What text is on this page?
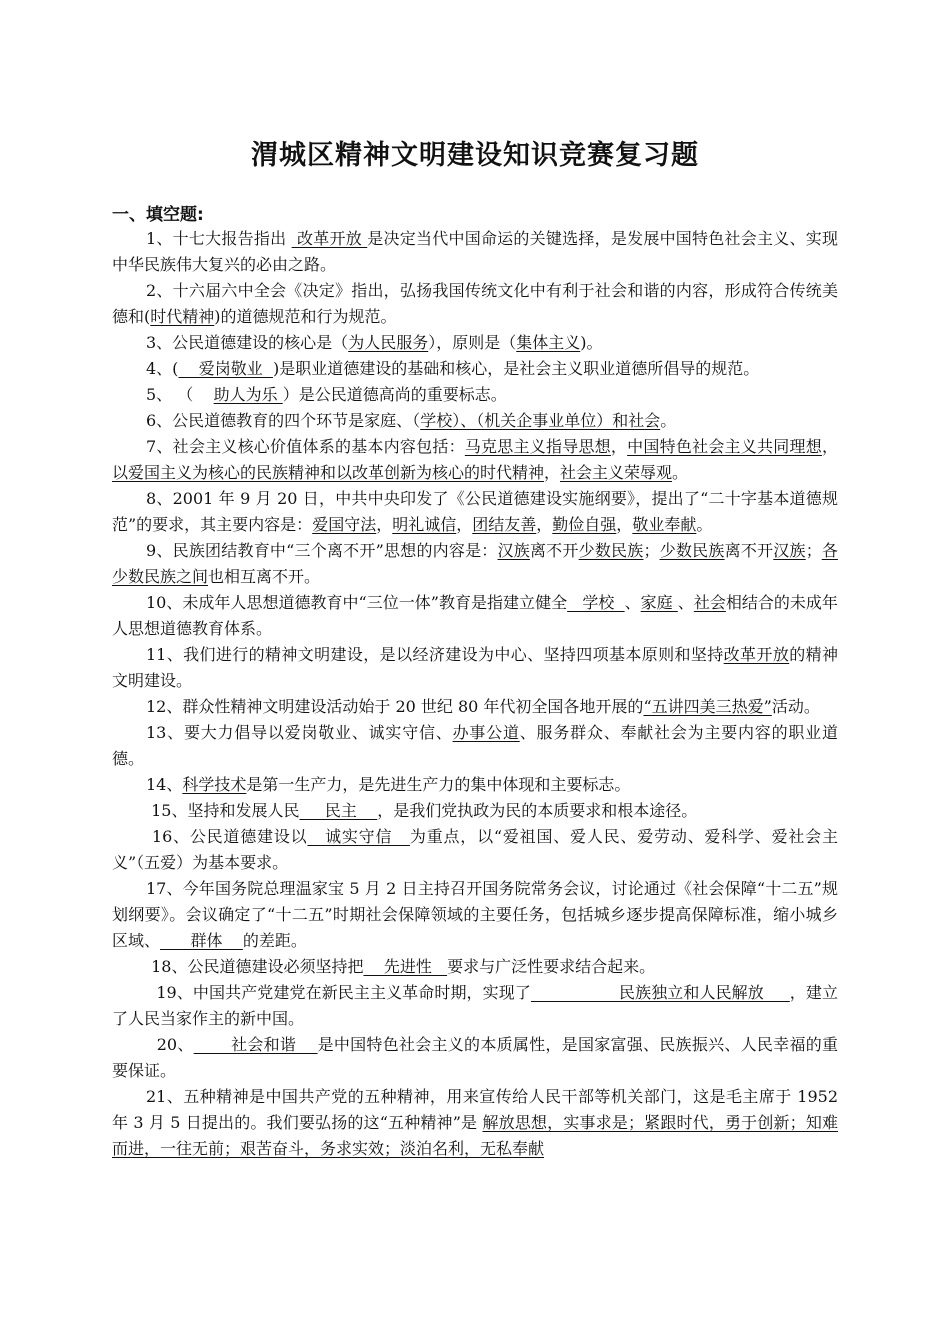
渭城区精神文明建设知识竞赛复习题
一、填空题:

1、十七大报告指出  改革开放 是决定当代中国命运的关键选择，是发展中国特色社会主义、实现中华民族伟大复兴的必由之路。

2、十六届六中全会《决定》指出，弘扬我国传统文化中有利于社会和谐的内容，形成符合传统美德和(时代精神)的道德规范和行为规范。

3、公民道德建设的核心是（为人民服务），原则是（集体主义)。

4、(    爱岗敬业  )是职业道德建设的基础和核心，是社会主义职业道德所倡导的规范。

5、 （    助人为乐 ）是公民道德高尚的重要标志。

6、公民道德教育的四个环节是家庭、（学校）、（机关企事业单位）和社会。

7、社会主义核心价值体系的基本内容包括：马克思主义指导思想，中国特色社会主义共同理想，以爱国主义为核心的民族精神和以改革创新为核心的时代精神，社会主义荣辱观。

8、2001 年 9 月 20 日，中共中央印发了《公民道德建设实施纲要》，提出了“二十字基本道德规范”的要求，其主要内容是：爱国守法，明礼诚信，团结友善，勤俭自强，敬业奉献。

9、民族团结教育中“三个离不开”思想的内容是：汉族离不开少数民族；少数民族离不开汉族；各少数民族之间也相互离不开。

10、未成年人思想道德教育中“三位一体”教育是指建立健全   学校  、家庭 、社会相结合的未成年人思想道德教育体系。

11、我们进行的精神文明建设，是以经济建设为中心、坚持四项基本原则和坚持改革开放的精神文明建设。

12、群众性精神文明建设活动始于 20 世纪 80 年代初全国各地开展的“五讲四美三热爱”活动。

13、要大力倡导以爱岗敬业、诚实守信、办事公道、服务群众、奉献社会为主要内容的职业道德。

14、科学技术是第一生产力，是先进生产力的集中体现和主要标志。

15、坚持和发展人民     民主    ，是我们党执政为民的本质要求和根本途径。

16、公民道德建设以   诚实守信   为重点，以“爱祖国、爱人民、爱劳动、爱科学、爱社会主义”（五爱）为基本要求。

17、今年国务院总理温家宝 5 月 2 日主持召开国务院常务会议，讨论通过《社会保障“十二五”规划纲要》。会议确定了“十二五”时期社会保障领域的主要任务，包括城乡逐步提高保障标准，缩小城乡区域、      群体    的差距。

18、公民道德建设必须坚持把    先进性   要求与广泛性要求结合起来。

19、中国共产党建党在新民主主义革命时期，实现了                 民族独立和人民解放     ，建立了人民当家作主的新中国。

20、       社会和谐    是中国特色社会主义的本质属性，是国家富强、民族振兴、人民幸福的重要保证。

21、五种精神是中国共产党的五种精神，用来宣传给人民干部等机关部门，这是毛主席于 1952 年 3 月 5 日提出的。我们要弘扬的这“五种精神”是 解放思想，实事求是；紧跟时代，勇于创新；知难而进，一往无前；艰苦奋斗，务求实效；淡泊名利，无私奉献
